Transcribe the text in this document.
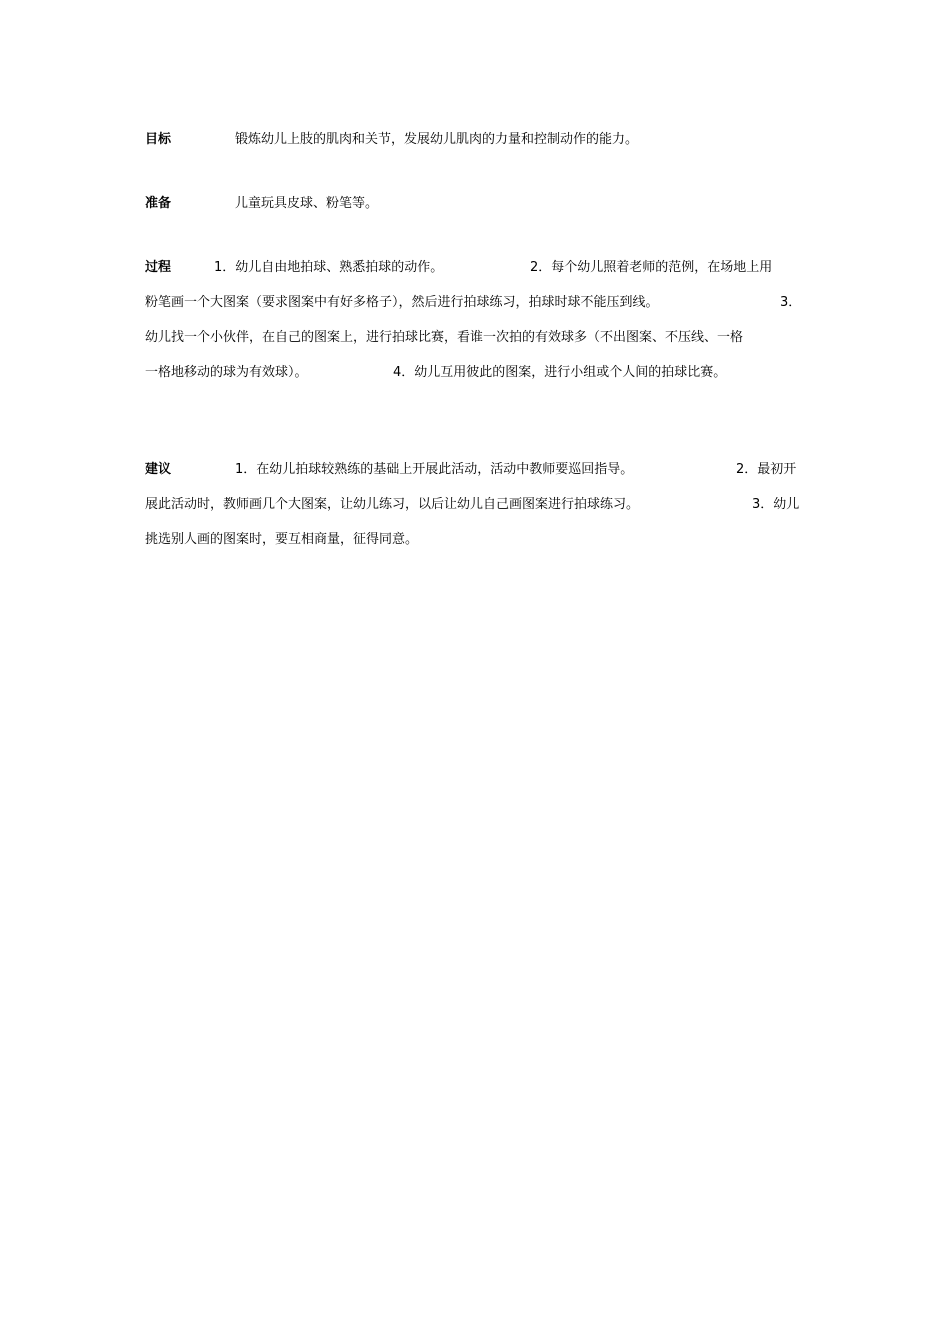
目标	锻炼幼儿上肢的肌肉和关节，发展幼儿肌肉的力量和控制动作的能力。
准备	儿童玩具皮球、粉笔等。
过程	1．幼儿自由地拍球、熟悉拍球的动作。	2．每个幼儿照着老师的范例，在场地上用
粉笔画一个大图案（要求图案中有好多格子），然后进行拍球练习，拍球时球不能压到线。	3．
幼儿找一个小伙伴，在自己的图案上，进行拍球比赛，看谁一次拍的有效球多（不出图案、不压线、一格
一格地移动的球为有效球）。	4．幼儿互用彼此的图案，进行小组或个人间的拍球比赛。
建议	1．在幼儿拍球较熟练的基础上开展此活动，活动中教师要巡回指导。	2．最初开
展此活动时，教师画几个大图案，让幼儿练习，以后让幼儿自己画图案进行拍球练习。	3．幼儿
挑选别人画的图案时，要互相商量，征得同意。
